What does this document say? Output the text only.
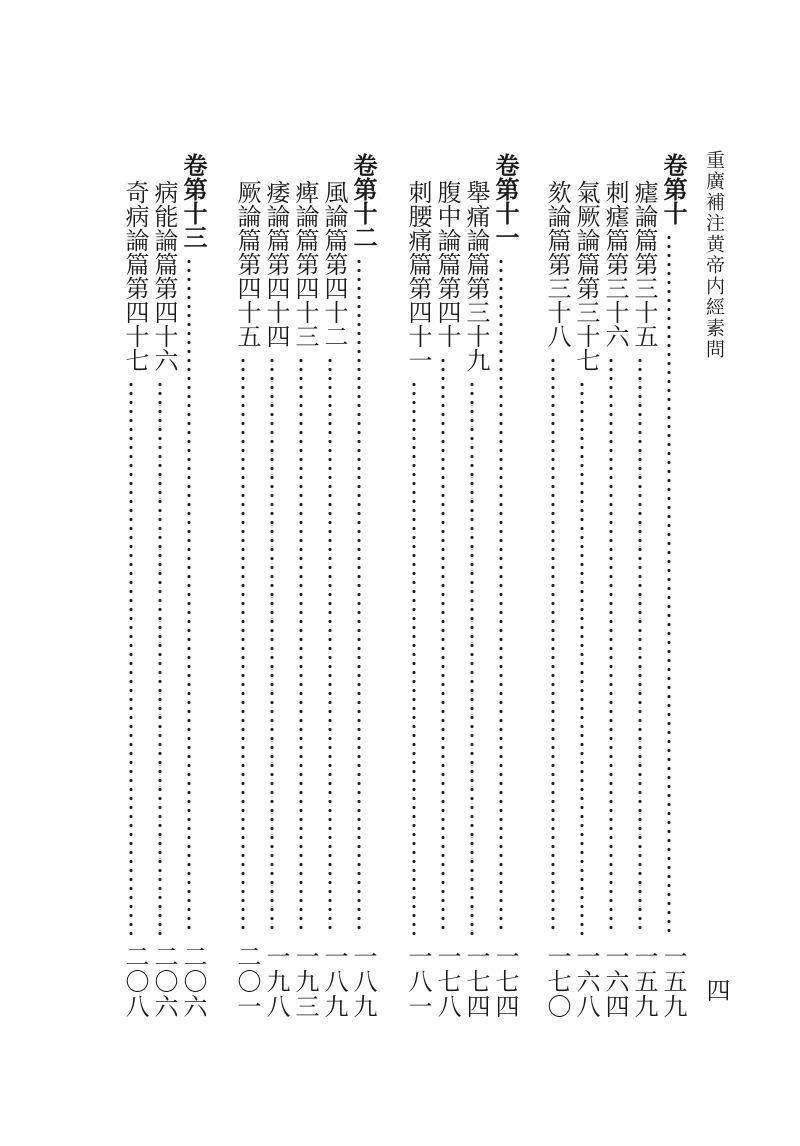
重廣補注黄帝内經素問
卷第十
一五九
瘧論篇第三十五
一五九
刺瘧篇第三十六
一六四
氣厥論篇第三十七
一六八
欬論篇第三十八
一七〇
卷第十一
一七四
舉痛論篇第三十九
一七四
腹中論篇第四十
一七八
刺腰痛篇第四十一
一八一
卷第十二
一八九
風論篇第四十二
一八九
痺論篇第四十三
一九三
痿論篇第四十四
一九八
厥論篇第四十五
二〇一
卷第十三
二〇六
病能論篇第四十六
二〇六
奇病論篇第四十七
二〇八	四
